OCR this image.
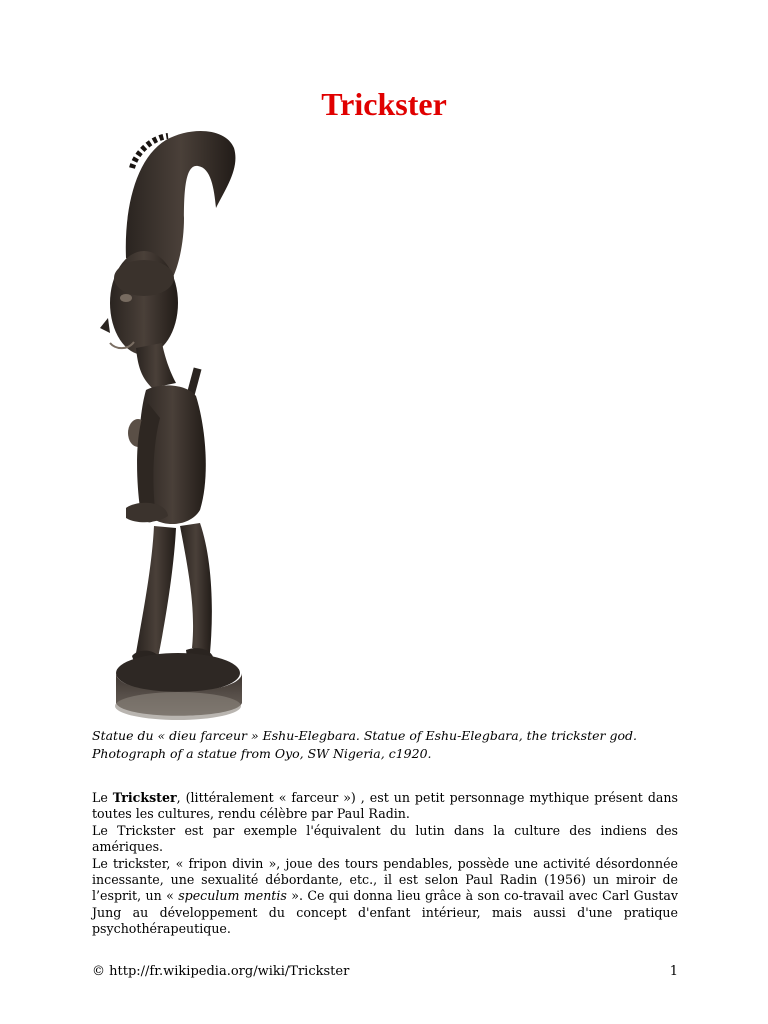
Trickster
Statue du « dieu farceur » Eshu-Elegbara. Statue of Eshu-Elegbara, the trickster god. Photograph of a statue from Oyo, SW Nigeria, c1920.

Le Trickster, (littéralement « farceur ») , est un petit personnage mythique présent dans toutes les cultures, rendu célèbre par Paul Radin.

Le Trickster est par exemple l'équivalent du lutin dans la culture des indiens des amériques.

Le trickster, « fripon divin », joue des tours pendables, possède une activité désordonnée incessante, une sexualité débordante, etc., il est selon Paul Radin (1956) un miroir de l’esprit, un « speculum mentis ». Ce qui donna lieu grâce à son co-travail avec Carl Gustav Jung au développement du concept d'enfant intérieur, mais aussi d'une pratique psychothérapeutique.

© http://fr.wikipedia.org/wiki/Trickster	1
